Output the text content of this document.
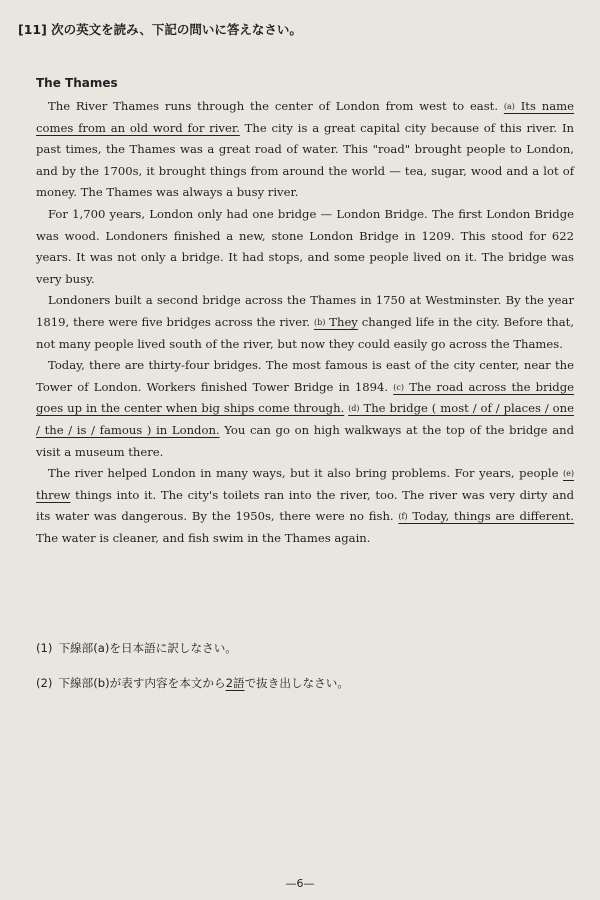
[11] 次の英文を読み、下記の問いに答えなさい。
The Thames

The River Thames runs through the center of London from west to east. (a) Its name comes from an old word for river. The city is a great capital city because of this river. In past times, the Thames was a great road of water. This "road" brought people to London, and by the 1700s, it brought things from around the world — tea, sugar, wood and a lot of money. The Thames was always a busy river.

For 1,700 years, London only had one bridge — London Bridge. The first London Bridge was wood. Londoners finished a new, stone London Bridge in 1209. This stood for 622 years. It was not only a bridge. It had stops, and some people lived on it. The bridge was very busy.

Londoners built a second bridge across the Thames in 1750 at Westminster. By the year 1819, there were five bridges across the river. (b) They changed life in the city. Before that, not many people lived south of the river, but now they could easily go across the Thames.

Today, there are thirty-four bridges. The most famous is east of the city center, near the Tower of London. Workers finished Tower Bridge in 1894. (c) The road across the bridge goes up in the center when big ships come through. (d) The bridge ( most / of / places / one / the / is / famous ) in London. You can go on high walkways at the top of the bridge and visit a museum there.

The river helped London in many ways, but it also bring problems. For years, people (e) threw things into it. The city's toilets ran into the river, too. The river was very dirty and its water was dangerous. By the 1950s, there were no fish. (f) Today, things are different. The water is cleaner, and fish swim in the Thames again.

(1) 下線部(a)を日本語に訳しなさい。
(2) 下線部(b)が表す内容を本文から2語で抜き出しなさい。
—6—
